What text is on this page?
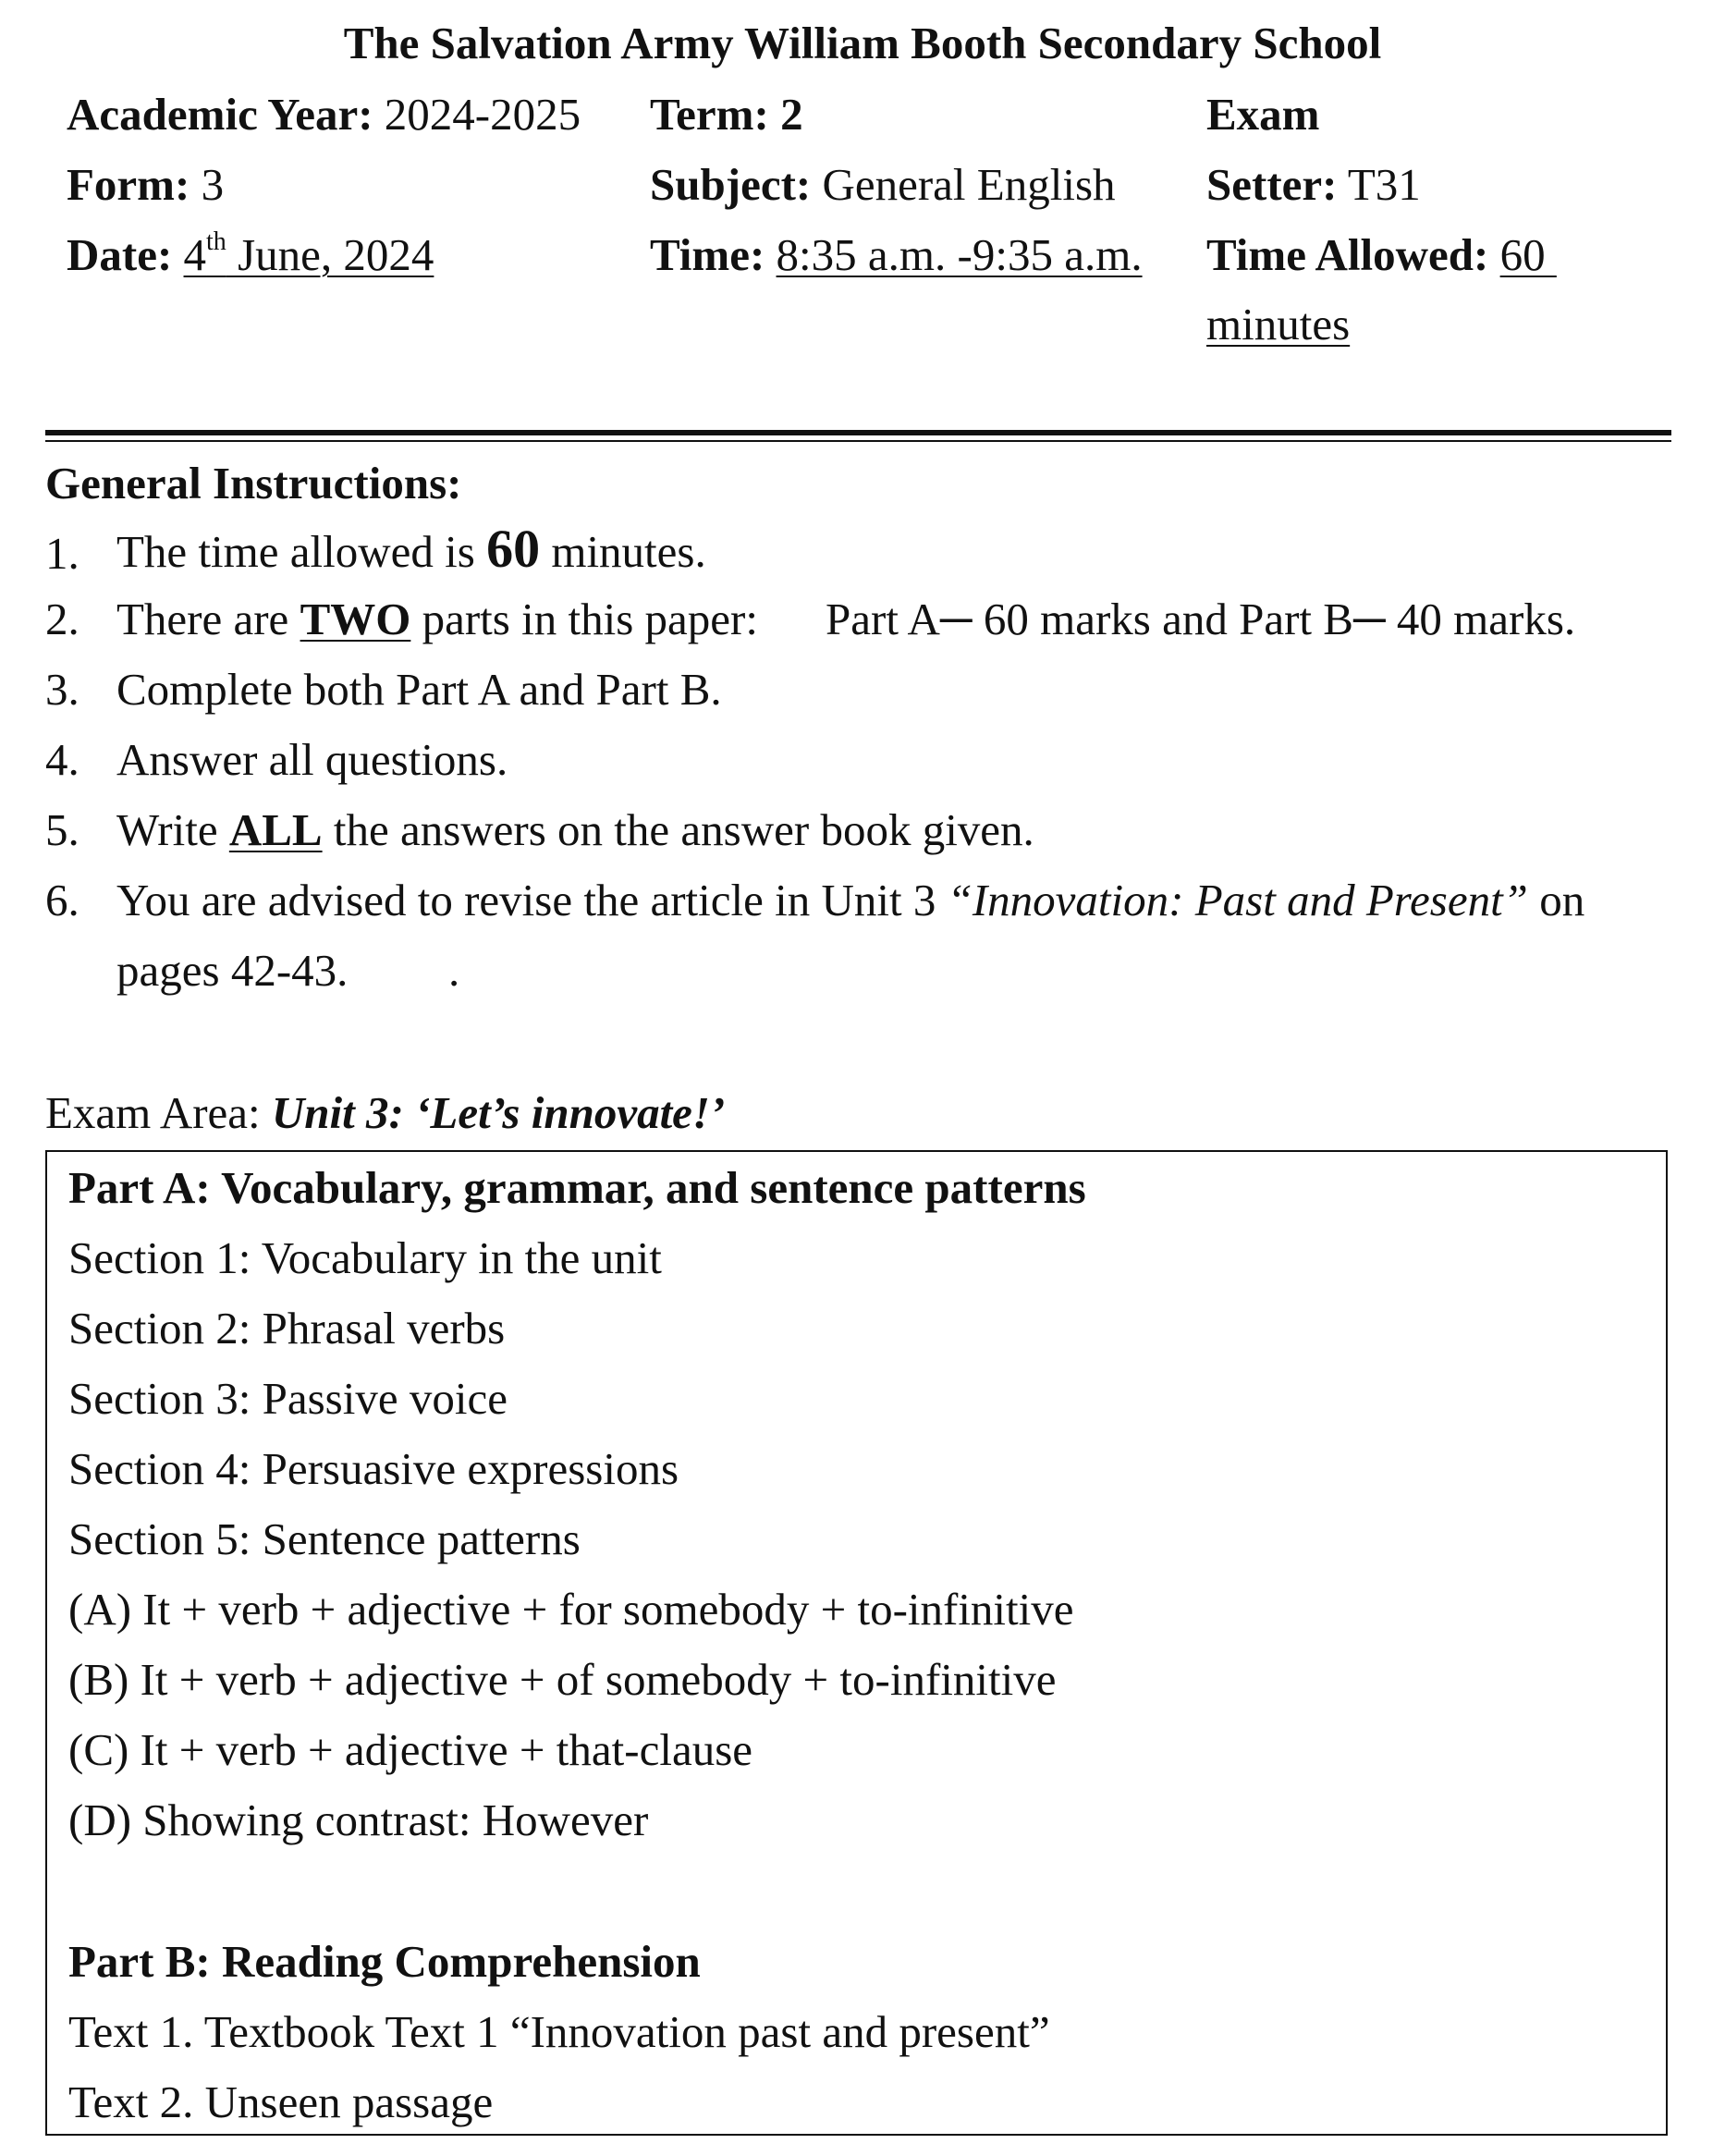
The Salvation Army William Booth Secondary School
Academic Year: 2024-2025 Term: 2	Exam
Form: 3	Subject: General English Setter: T31
Date: 4th June, 2024	Time: 8:35 a.m. -9:35 a.m. Time Allowed: 60
minutes
General Instructions:
1. The time allowed is 60 minutes.
2. There are TWO parts in this paper: Part A─ 60 marks and Part B─ 40 marks.
3. Complete both Part A and Part B.
4. Answer all questions.
5. Write ALL the answers on the answer book given.
6. You are advised to revise the article in Unit 3 “Innovation: Past and Present” on
pages 42-43. .
Exam Area: Unit 3: ‘Let’s innovate!’
Part A: Vocabulary, grammar, and sentence patterns
Section 1: Vocabulary in the unit
Section 2: Phrasal verbs
Section 3: Passive voice
Section 4: Persuasive expressions
Section 5: Sentence patterns
(A) It + verb + adjective + for somebody + to-infinitive
(B) It + verb + adjective + of somebody + to-infinitive
(C) It + verb + adjective + that-clause
(D) Showing contrast: However
Part B: Reading Comprehension
Text 1. Textbook Text 1 “Innovation past and present”
Text 2. Unseen passage
